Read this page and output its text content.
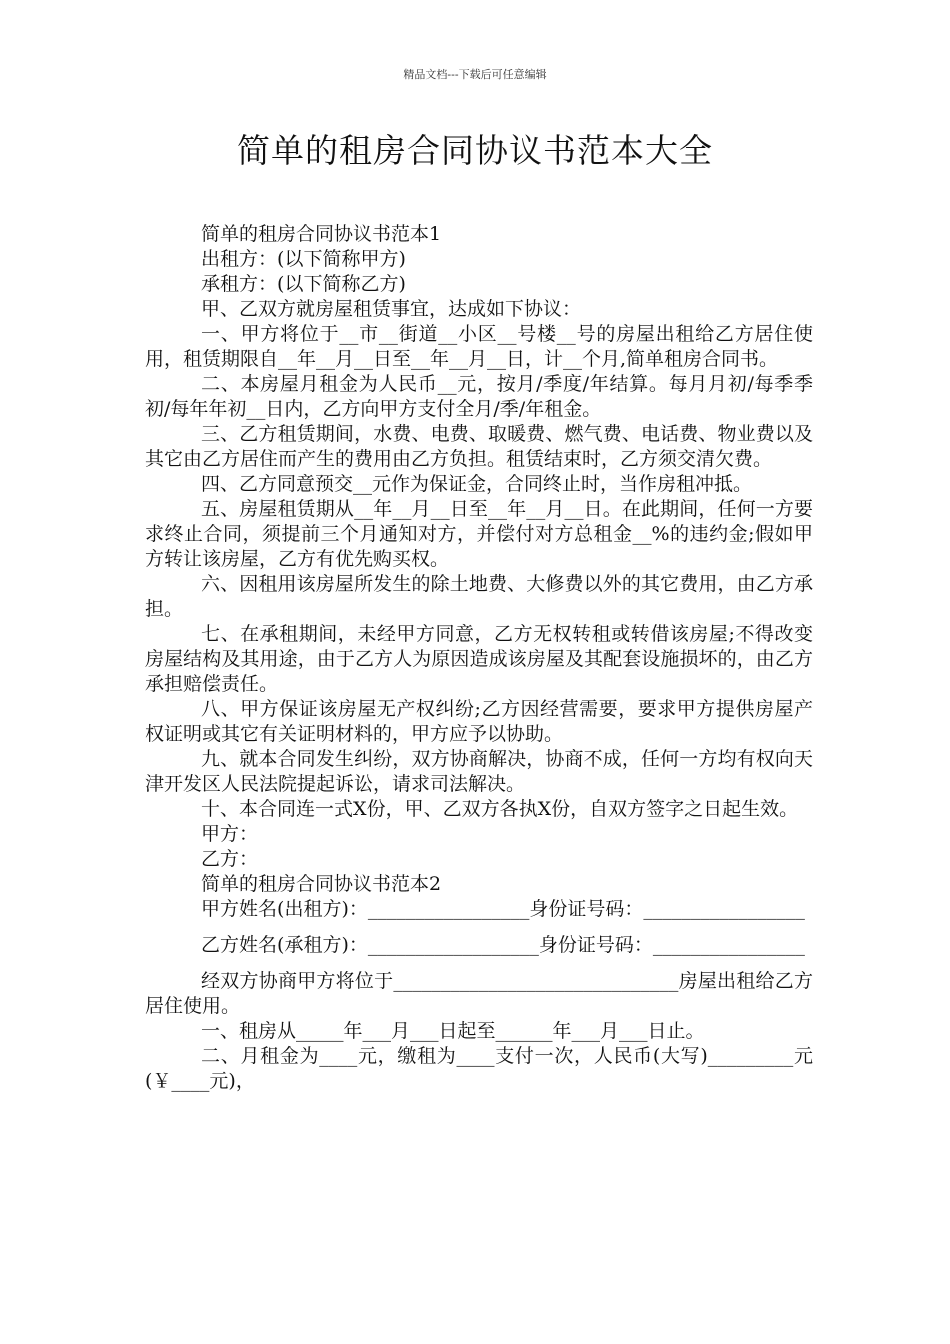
精品文档---下载后可任意编辑
简单的租房合同协议书范本大全

简单的租房合同协议书范本1

出租方：(以下简称甲方)

承租方：(以下简称乙方)

甲、乙双方就房屋租赁事宜，达成如下协议：

一、甲方将位于__市__街道__小区__号楼__号的房屋出租给乙方居住使用，租赁期限自__年__月__日至__年__月__日，计__个月,简单租房合同书。

二、本房屋月租金为人民币__元，按月/季度/年结算。每月月初/每季季初/每年年初__日内，乙方向甲方支付全月/季/年租金。

三、乙方租赁期间，水费、电费、取暖费、燃气费、电话费、物业费以及其它由乙方居住而产生的费用由乙方负担。租赁结束时，乙方须交清欠费。

四、乙方同意预交__元作为保证金，合同终止时，当作房租冲抵。

五、房屋租赁期从__年__月__日至__年__月__日。在此期间，任何一方要求终止合同，须提前三个月通知对方，并偿付对方总租金__%的违约金;假如甲方转让该房屋，乙方有优先购买权。

六、因租用该房屋所发生的除土地费、大修费以外的其它费用，由乙方承担。

七、在承租期间，未经甲方同意，乙方无权转租或转借该房屋;不得改变房屋结构及其用途，由于乙方人为原因造成该房屋及其配套设施损坏的，由乙方承担赔偿责任。

八、甲方保证该房屋无产权纠纷;乙方因经营需要，要求甲方提供房屋产权证明或其它有关证明材料的，甲方应予以协助。

九、就本合同发生纠纷，双方协商解决，协商不成，任何一方均有权向天津开发区人民法院提起诉讼，请求司法解决。

十、本合同连一式X份，甲、乙双方各执X份，自双方签字之日起生效。

甲方：

乙方：

简单的租房合同协议书范本2

甲方姓名(出租方)：_________________身份证号码：_________________

乙方姓名(承租方)：__________________身份证号码：________________

经双方协商甲方将位于______________________________房屋出租给乙方居住使用。

一、租房从_____年___月___日起至______年___月___日止。

二、月租金为____元，缴租为____支付一次，人民币(大写)_________元(￥____元)，
